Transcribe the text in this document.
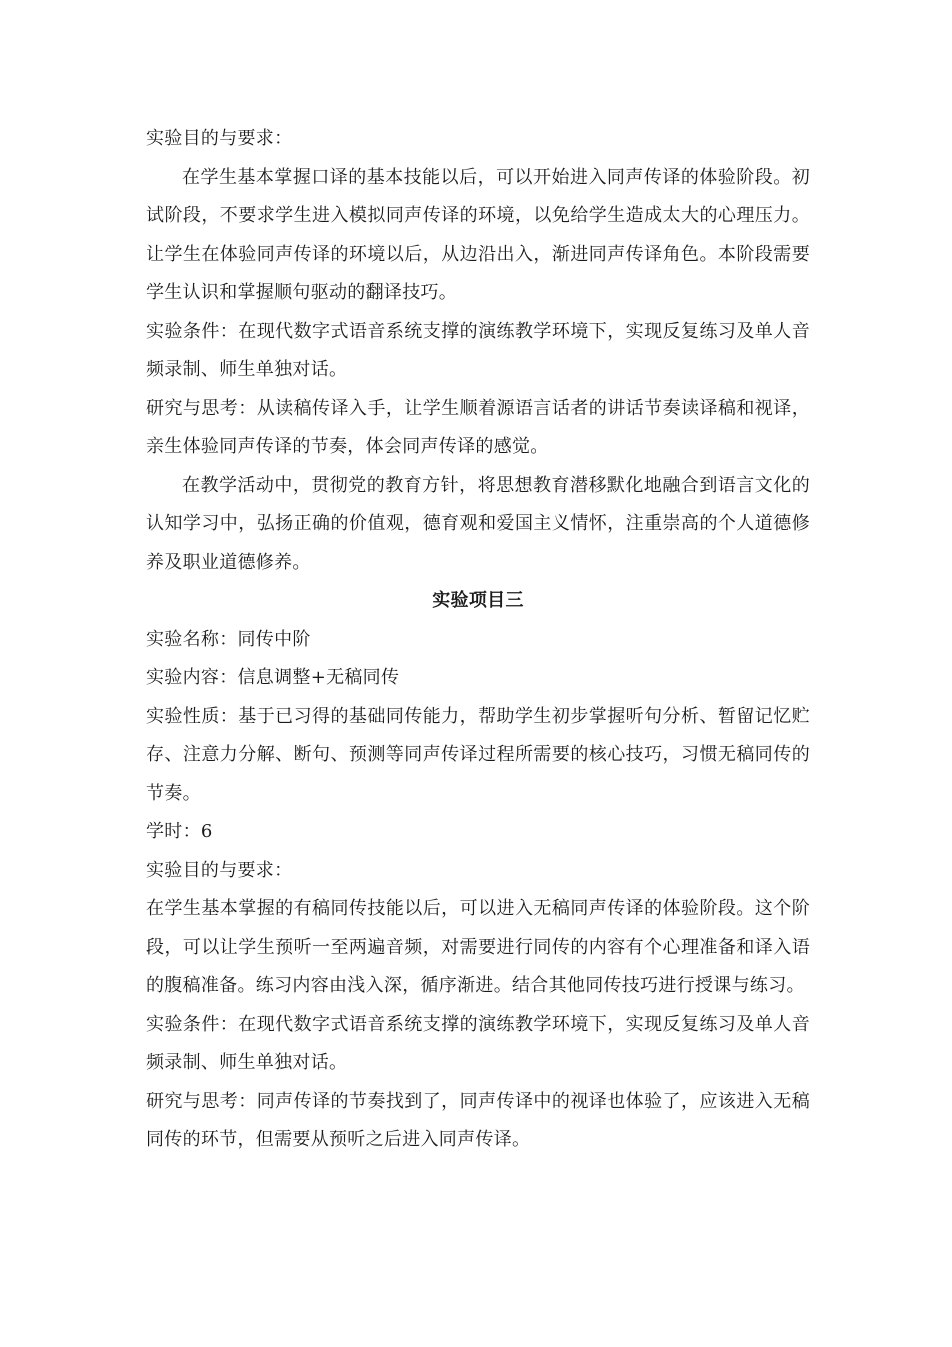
实验目的与要求：

在学生基本掌握口译的基本技能以后，可以开始进入同声传译的体验阶段。初试阶段，不要求学生进入模拟同声传译的环境，以免给学生造成太大的心理压力。让学生在体验同声传译的环境以后，从边沿出入，渐进同声传译角色。本阶段需要学生认识和掌握顺句驱动的翻译技巧。

实验条件：在现代数字式语音系统支撑的演练教学环境下，实现反复练习及单人音频录制、师生单独对话。

研究与思考：从读稿传译入手，让学生顺着源语言话者的讲话节奏读译稿和视译，亲生体验同声传译的节奏，体会同声传译的感觉。

在教学活动中，贯彻党的教育方针，将思想教育潜移默化地融合到语言文化的认知学习中，弘扬正确的价值观，德育观和爱国主义情怀，注重崇高的个人道德修养及职业道德修养。

实验项目三

实验名称：同传中阶

实验内容：信息调整+无稿同传

实验性质：基于已习得的基础同传能力，帮助学生初步掌握听句分析、暂留记忆贮存、注意力分解、断句、预测等同声传译过程所需要的核心技巧，习惯无稿同传的节奏。

学时：6

实验目的与要求：

在学生基本掌握的有稿同传技能以后，可以进入无稿同声传译的体验阶段。这个阶段，可以让学生预听一至两遍音频，对需要进行同传的内容有个心理准备和译入语的腹稿准备。练习内容由浅入深，循序渐进。结合其他同传技巧进行授课与练习。

实验条件：在现代数字式语音系统支撑的演练教学环境下，实现反复练习及单人音频录制、师生单独对话。

研究与思考：同声传译的节奏找到了，同声传译中的视译也体验了，应该进入无稿同传的环节，但需要从预听之后进入同声传译。
